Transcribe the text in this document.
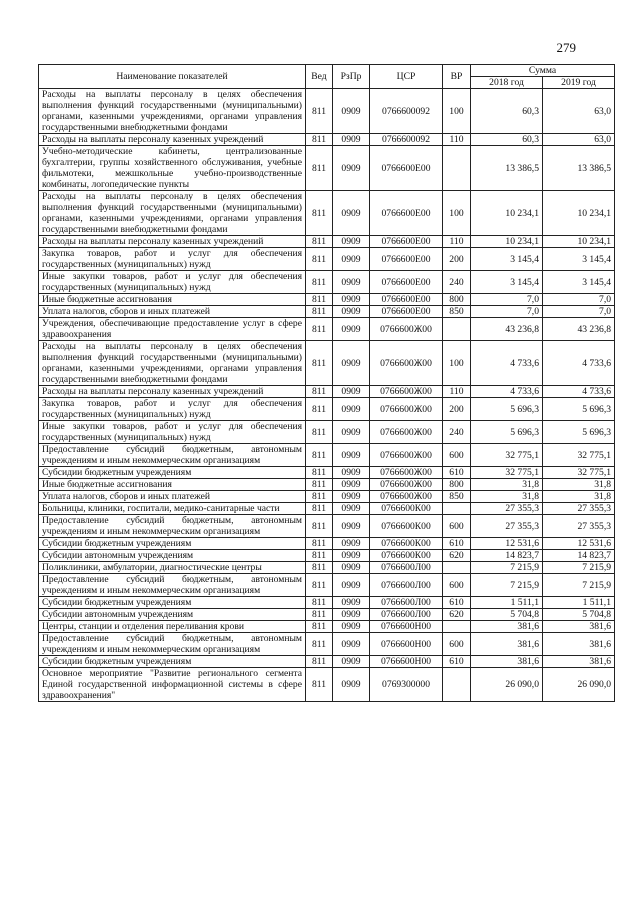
279
Наименование показателей	Вед	РзПр	ЦСР	ВР	Сумма	
					2018 год	2019 год
Расходы на выплаты персоналу в целях обеспечения выполнения функций государственными (муниципальными) органами, казенными учреждениями, органами управления государственными внебюджетными фондами	811	0909	0766600092	100	60,3	63,0
Расходы на выплаты персоналу казенных учреждений	811	0909	0766600092	110	60,3	63,0
Учебно-методические кабинеты, централизованные бухгалтерии, группы хозяйственного обслуживания, учебные фильмотеки, межшкольные учебно-производственные комбинаты, логопедические пункты	811	0909	0766600Е00		13 386,5	13 386,5
Расходы на выплаты персоналу в целях обеспечения выполнения функций государственными (муниципальными) органами, казенными учреждениями, органами управления государственными внебюджетными фондами	811	0909	0766600Е00	100	10 234,1	10 234,1
Расходы на выплаты персоналу казенных учреждений	811	0909	0766600Е00	110	10 234,1	10 234,1
Закупка товаров, работ и услуг для обеспечения государственных (муниципальных) нужд	811	0909	0766600Е00	200	3 145,4	3 145,4
Иные закупки товаров, работ и услуг для обеспечения государственных (муниципальных) нужд	811	0909	0766600Е00	240	3 145,4	3 145,4
Иные бюджетные ассигнования	811	0909	0766600Е00	800	7,0	7,0
Уплата налогов, сборов и иных платежей	811	0909	0766600Е00	850	7,0	7,0
Учреждения, обеспечивающие предоставление услуг в сфере здравоохранения	811	0909	0766600Ж00		43 236,8	43 236,8
Расходы на выплаты персоналу в целях обеспечения выполнения функций государственными (муниципальными) органами, казенными учреждениями, органами управления государственными внебюджетными фондами	811	0909	0766600Ж00	100	4 733,6	4 733,6
Расходы на выплаты персоналу казенных учреждений	811	0909	0766600Ж00	110	4 733,6	4 733,6
Закупка товаров, работ и услуг для обеспечения государственных (муниципальных) нужд	811	0909	0766600Ж00	200	5 696,3	5 696,3
Иные закупки товаров, работ и услуг для обеспечения государственных (муниципальных) нужд	811	0909	0766600Ж00	240	5 696,3	5 696,3
Предоставление субсидий бюджетным, автономным учреждениям и иным некоммерческим организациям	811	0909	0766600Ж00	600	32 775,1	32 775,1
Субсидии бюджетным учреждениям	811	0909	0766600Ж00	610	32 775,1	32 775,1
Иные бюджетные ассигнования	811	0909	0766600Ж00	800	31,8	31,8
Уплата налогов, сборов и иных платежей	811	0909	0766600Ж00	850	31,8	31,8
Больницы, клиники, госпитали, медико-санитарные части	811	0909	0766600К00		27 355,3	27 355,3
Предоставление субсидий бюджетным, автономным учреждениям и иным некоммерческим организациям	811	0909	0766600К00	600	27 355,3	27 355,3
Субсидии бюджетным учреждениям	811	0909	0766600К00	610	12 531,6	12 531,6
Субсидии автономным учреждениям	811	0909	0766600К00	620	14 823,7	14 823,7
Поликлиники, амбулатории, диагностические центры	811	0909	0766600Л00		7 215,9	7 215,9
Предоставление субсидий бюджетным, автономным учреждениям и иным некоммерческим организациям	811	0909	0766600Л00	600	7 215,9	7 215,9
Субсидии бюджетным учреждениям	811	0909	0766600Л00	610	1 511,1	1 511,1
Субсидии автономным учреждениям	811	0909	0766600Л00	620	5 704,8	5 704,8
Центры, станции и отделения переливания крови	811	0909	0766600Н00		381,6	381,6
Предоставление субсидий бюджетным, автономным учреждениям и иным некоммерческим организациям	811	0909	0766600Н00	600	381,6	381,6
Субсидии бюджетным учреждениям	811	0909	0766600Н00	610	381,6	381,6
Основное мероприятие "Развитие регионального сегмента Единой государственной информационной системы в сфере здравоохранения"	811	0909	0769300000		26 090,0	26 090,0
